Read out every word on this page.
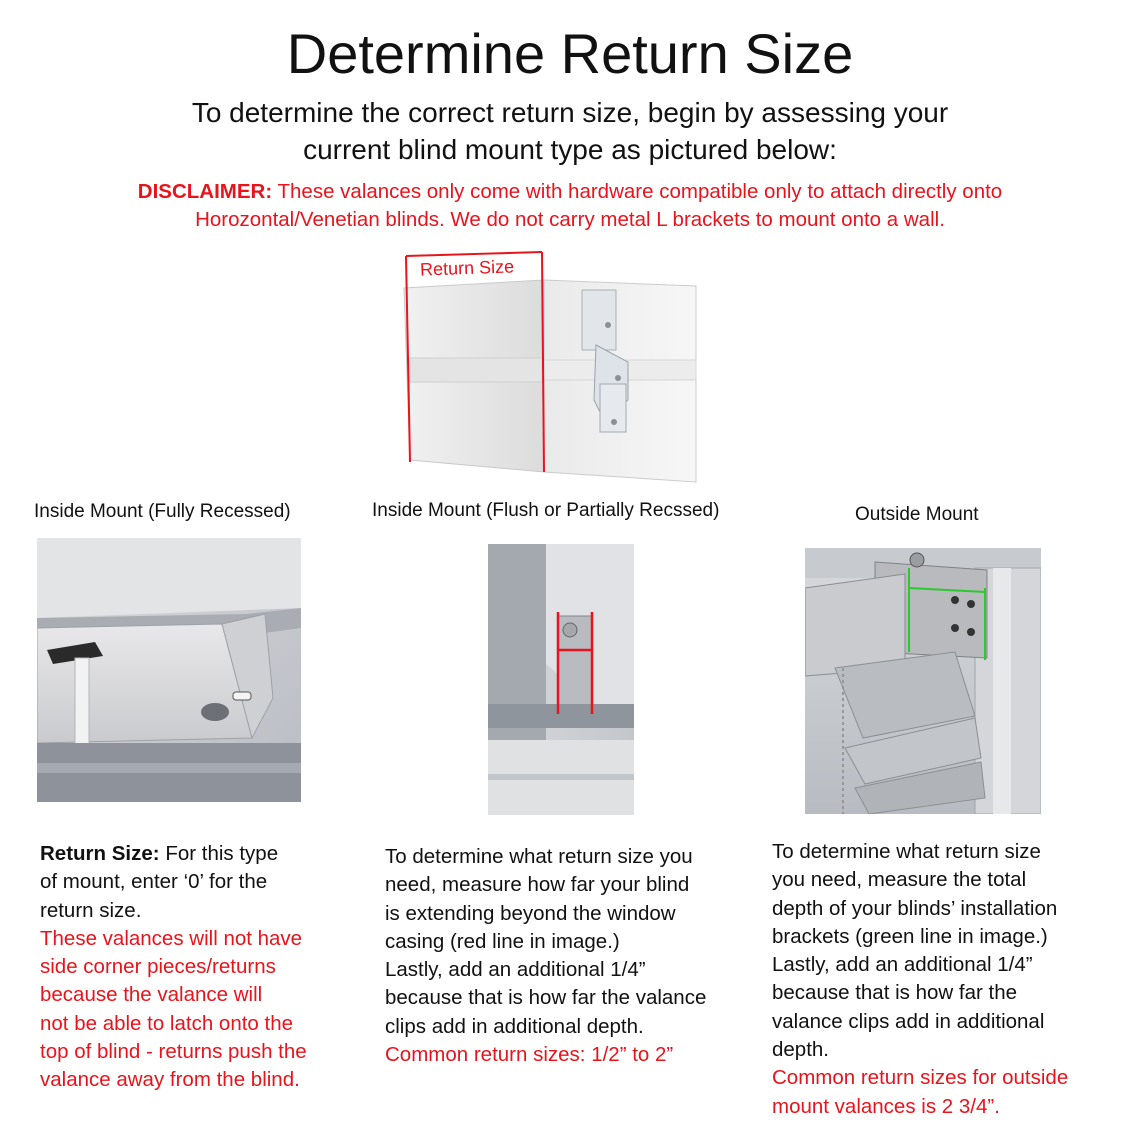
Determine Return Size
To determine the correct return size, begin by assessing your
current blind mount type as pictured below:
DISCLAIMER: These valances only come with hardware compatible only to attach directly onto
Horozontal/Venetian blinds. We do not carry metal L brackets to mount onto a wall.
Return Size
Inside Mount (Fully Recessed)	Inside Mount (Flush or Partially Recssed)	Outside Mount
Return Size: For this type
of mount, enter ‘0’ for the
return size.
These valances will not have
side corner pieces/returns
because the valance will
not be able to latch onto the
top of blind - returns push the
valance away from the blind.
To determine what return size you
need, measure how far your blind
is extending beyond the window
casing (red line in image.)
Lastly, add an additional 1/4”
because that is how far the valance
clips add in additional depth.
Common return sizes: 1/2” to 2”
To determine what return size
you need, measure the total
depth of your blinds’ installation
brackets (green line in image.)
Lastly, add an additional 1/4”
because that is how far the
valance clips add in additional
depth.
Common return sizes for outside
mount valances is 2 3/4”.
